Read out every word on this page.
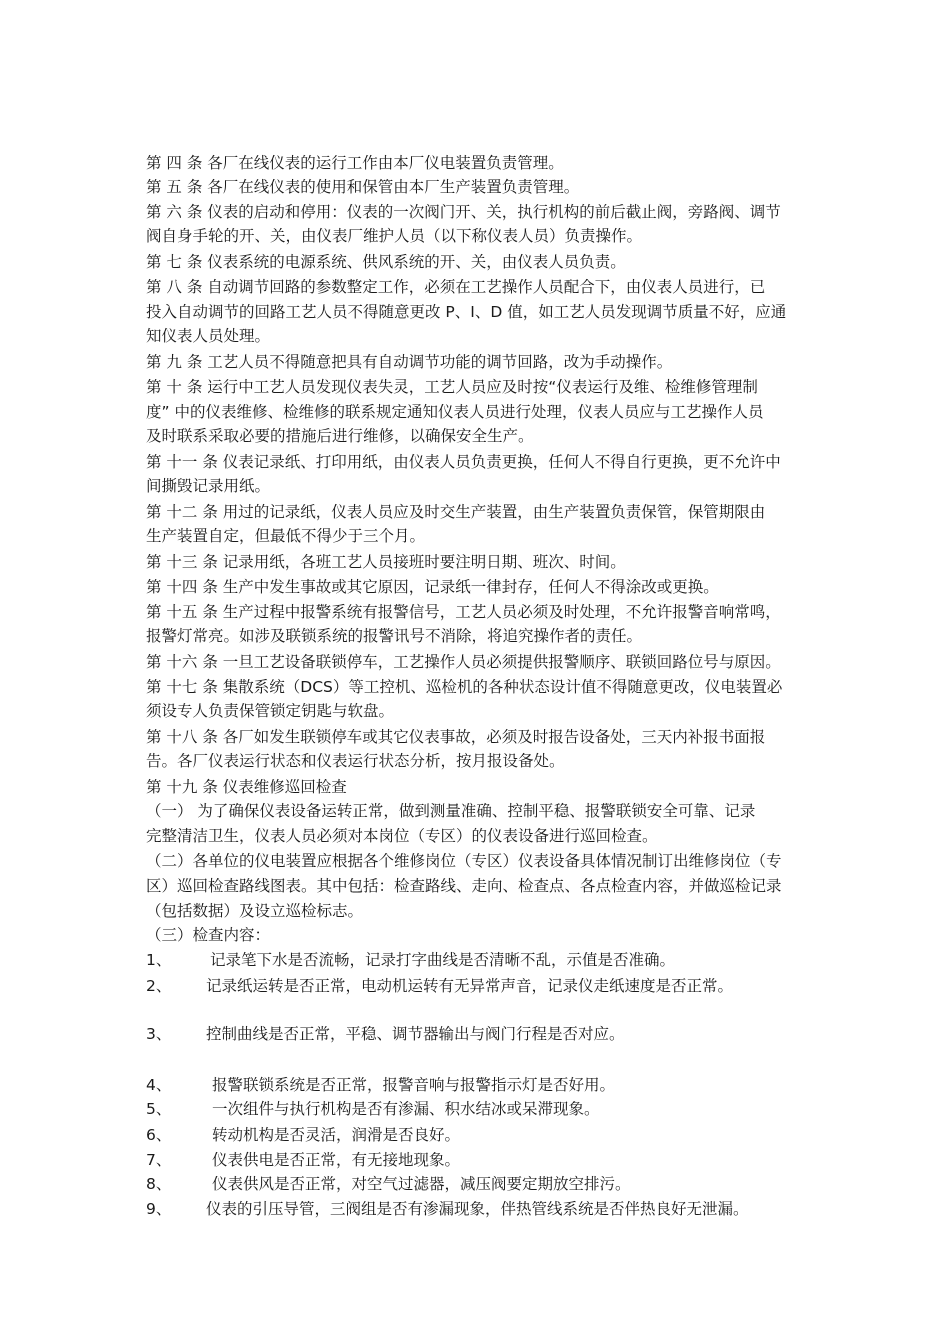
第 四 条 各厂在线仪表的运行工作由本厂仪电装置负责管理。
第 五 条 各厂在线仪表的使用和保管由本厂生产装置负责管理。
第 六 条 仪表的启动和停用：仪表的一次阀门开、关，执行机构的前后截止阀，旁路阀、调节
阀自身手轮的开、关，由仪表厂维护人员（以下称仪表人员）负责操作。
第 七 条 仪表系统的电源系统、供风系统的开、关，由仪表人员负责。
第 八 条 自动调节回路的参数整定工作，必须在工艺操作人员配合下，由仪表人员进行，已
投入自动调节的回路工艺人员不得随意更改 P、I、D 值，如工艺人员发现调节质量不好，应通
知仪表人员处理。
第 九 条 工艺人员不得随意把具有自动调节功能的调节回路，改为手动操作。
第 十 条 运行中工艺人员发现仪表失灵，工艺人员应及时按“仪表运行及维、检维修管理制
度” 中的仪表维修、检维修的联系规定通知仪表人员进行处理，仪表人员应与工艺操作人员
及时联系采取必要的措施后进行维修，以确保安全生产。
第 十一 条 仪表记录纸、打印用纸，由仪表人员负责更换，任何人不得自行更换，更不允许中
间撕毁记录用纸。
第 十二 条 用过的记录纸，仪表人员应及时交生产装置，由生产装置负责保管，保管期限由
生产装置自定，但最低不得少于三个月。
第 十三 条 记录用纸，各班工艺人员接班时要注明日期、班次、时间。
第 十四 条 生产中发生事故或其它原因，记录纸一律封存，任何人不得涂改或更换。
第 十五 条 生产过程中报警系统有报警信号，工艺人员必须及时处理，不允许报警音响常鸣，
报警灯常亮。如涉及联锁系统的报警讯号不消除，将追究操作者的责任。
第 十六 条 一旦工艺设备联锁停车，工艺操作人员必须提供报警顺序、联锁回路位号与原因。
第 十七 条 集散系统（DCS）等工控机、巡检机的各种状态设计值不得随意更改，仪电装置必
须设专人负责保管锁定钥匙与软盘。
第 十八 条 各厂如发生联锁停车或其它仪表事故，必须及时报告设备处，三天内补报书面报
告。各厂仪表运行状态和仪表运行状态分析，按月报设备处。
第 十九 条 仪表维修巡回检查
（一） 为了确保仪表设备运转正常，做到测量准确、控制平稳、报警联锁安全可靠、记录
完整清洁卫生，仪表人员必须对本岗位（专区）的仪表设备进行巡回检查。
（二）各单位的仪电装置应根据各个维修岗位（专区）仪表设备具体情况制订出维修岗位（专
区）巡回检查路线图表。其中包括：检查路线、走向、检查点、各点检查内容，并做巡检记录
（包括数据）及设立巡检标志。
（三）检查内容：
1、 记录笔下水是否流畅，记录打字曲线是否清晰不乱，示值是否准确。
2、 记录纸运转是否正常，电动机运转有无异常声音，记录仪走纸速度是否正常。
3、 控制曲线是否正常，平稳、调节器输出与阀门行程是否对应。
4、	报警联锁系统是否正常，报警音响与报警指示灯是否好用。
5、	一次组件与执行机构是否有渗漏、积水结冰或呆滞现象。
6、	转动机构是否灵活，润滑是否良好。
7、	仪表供电是否正常，有无接地现象。
8、	仪表供风是否正常，对空气过滤器，减压阀要定期放空排污。
9、 仪表的引压导管，三阀组是否有渗漏现象，伴热管线系统是否伴热良好无泄漏。
